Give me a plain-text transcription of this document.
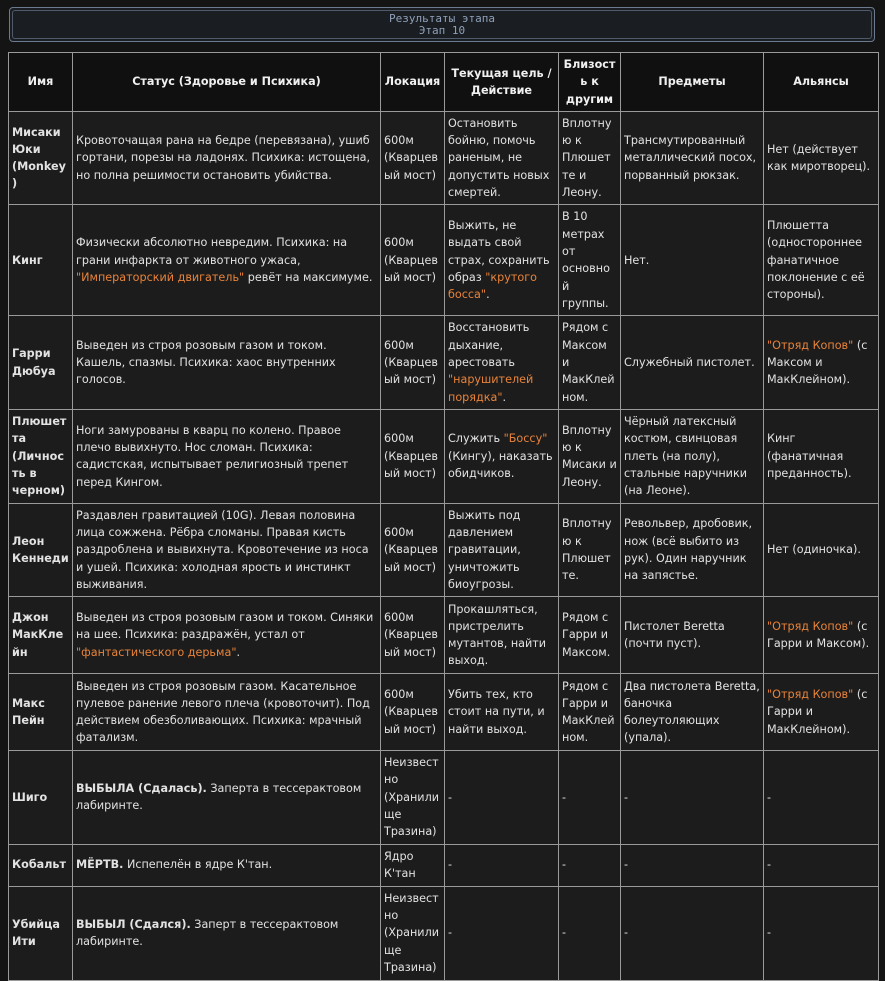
Результаты этапа
Этап 10
Имя	Статус (Здоровье и Психика)	Локация	Текущая цель / Действие	Близость к другим	Предметы	Альянсы
Мисаки Юки (Monkey)	Кровоточащая рана на бедре (перевязана), ушиб гортани, порезы на ладонях. Психика: истощена, но полна решимости остановить убийства.	600м (Кварцевый мост)	Остановить бойню, помочь раненым, не допустить новых смертей.	Вплотную к Плюшетте и Леону.	Трансмутированный металлический посох, порванный рюкзак.	Нет (действует как миротворец).
Кинг	Физически абсолютно невредим. Психика: на грани инфаркта от животного ужаса, "Императорский двигатель" ревёт на максимуме.	600м (Кварцевый мост)	Выжить, не выдать свой страх, сохранить образ "крутого босса".	В 10 метрах от основной группы.	Нет.	Плюшетта (одностороннее фанатичное поклонение с её стороны).
Гарри Дюбуа	Выведен из строя розовым газом и током. Кашель, спазмы. Психика: хаос внутренних голосов.	600м (Кварцевый мост)	Восстановить дыхание, арестовать "нарушителей порядка".	Рядом с Максом и МакКлейном.	Служебный пистолет.	"Отряд Копов" (с Максом и МакКлейном).
Плюшетта (Личность в черном)	Ноги замурованы в кварц по колено. Правое плечо вывихнуто. Нос сломан. Психика: садистская, испытывает религиозный трепет перед Кингом.	600м (Кварцевый мост)	Служить "Боссу" (Кингу), наказать обидчиков.	Вплотную к Мисаки и Леону.	Чёрный латексный костюм, свинцовая плеть (на полу), стальные наручники (на Леоне).	Кинг (фанатичная преданность).
Леон Кеннеди	Раздавлен гравитацией (10G). Левая половина лица сожжена. Рёбра сломаны. Правая кисть раздроблена и вывихнута. Кровотечение из носа и ушей. Психика: холодная ярость и инстинкт выживания.	600м (Кварцевый мост)	Выжить под давлением гравитации, уничтожить биоугрозы.	Вплотную к Плюшетте.	Револьвер, дробовик, нож (всё выбито из рук). Один наручник на запястье.	Нет (одиночка).
Джон МакКлейн	Выведен из строя розовым газом и током. Синяки на шее. Психика: раздражён, устал от "фантастического дерьма".	600м (Кварцевый мост)	Прокашляться, пристрелить мутантов, найти выход.	Рядом с Гарри и Максом.	Пистолет Beretta (почти пуст).	"Отряд Копов" (с Гарри и Максом).
Макс Пейн	Выведен из строя розовым газом. Касательное пулевое ранение левого плеча (кровоточит). Под действием обезболивающих. Психика: мрачный фатализм.	600м (Кварцевый мост)	Убить тех, кто стоит на пути, и найти выход.	Рядом с Гарри и МакКлейном.	Два пистолета Beretta, баночка болеутоляющих (упала).	"Отряд Копов" (с Гарри и МакКлейном).
Шиго	ВЫБЫЛА (Сдалась). Заперта в тессерактовом лабиринте.	Неизвестно (Хранилище Тразина)	-	-	-	-
Кобальт	МЁРТВ. Испепелён в ядре К'тан.	Ядро К'тан	-	-	-	-
Убийца Ити	ВЫБЫЛ (Сдался). Заперт в тессерактовом лабиринте.	Неизвестно (Хранилище Тразина)	-	-	-	-
